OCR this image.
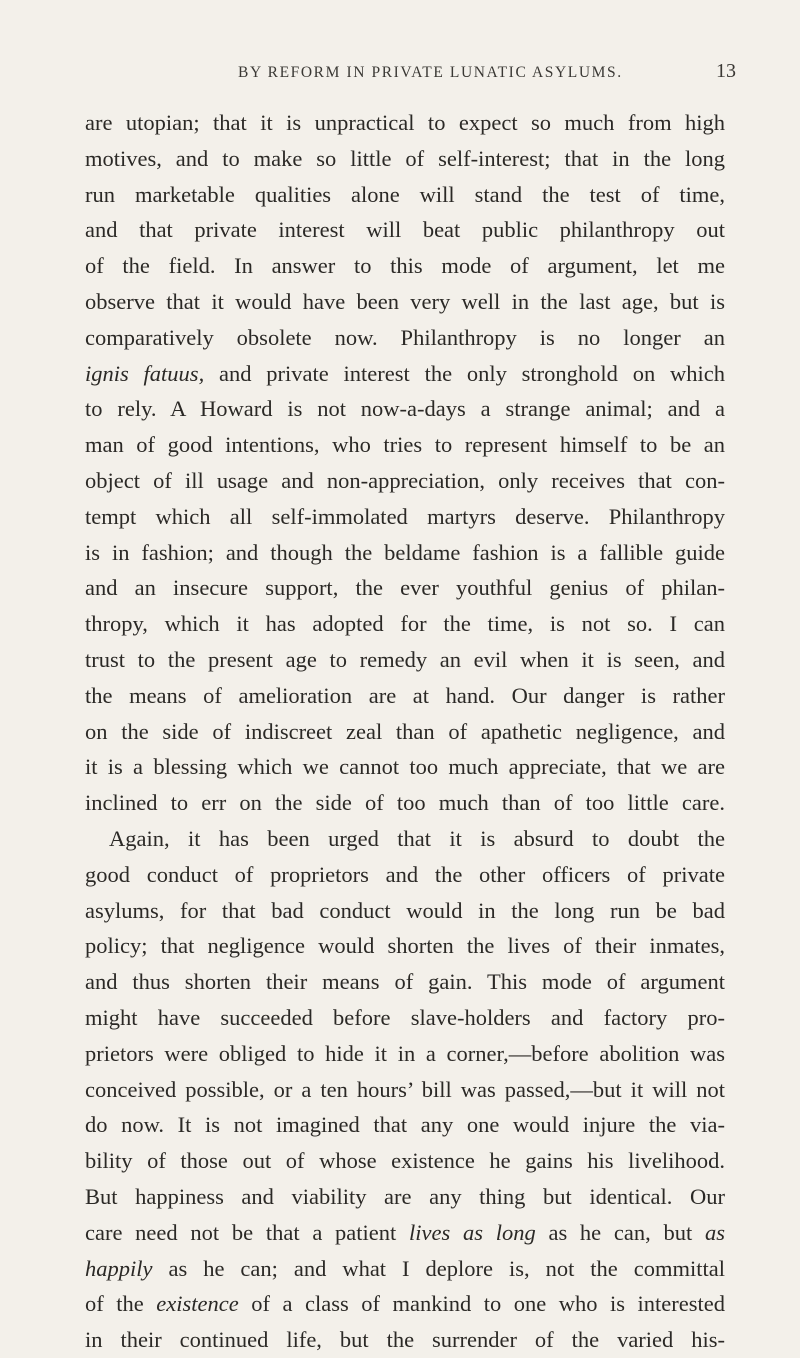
BY REFORM IN PRIVATE LUNATIC ASYLUMS.	13
are utopian; that it is unpractical to expect so much from high
motives, and to make so little of self-interest; that in the long
run marketable qualities alone will stand the test of time,
and that private interest will beat public philanthropy out
of the field. In answer to this mode of argument, let me
observe that it would have been very well in the last age, but is
comparatively obsolete now. Philanthropy is no longer an
ignis fatuus, and private interest the only stronghold on which
to rely. A Howard is not now-a-days a strange animal; and a
man of good intentions, who tries to represent himself to be an
object of ill usage and non-appreciation, only receives that con-
tempt which all self-immolated martyrs deserve. Philanthropy
is in fashion; and though the beldame fashion is a fallible guide
and an insecure support, the ever youthful genius of philan-
thropy, which it has adopted for the time, is not so. I can
trust to the present age to remedy an evil when it is seen, and
the means of amelioration are at hand. Our danger is rather
on the side of indiscreet zeal than of apathetic negligence, and
it is a blessing which we cannot too much appreciate, that we are
inclined to err on the side of too much than of too little care.
Again, it has been urged that it is absurd to doubt the
good conduct of proprietors and the other officers of private
asylums, for that bad conduct would in the long run be bad
policy; that negligence would shorten the lives of their inmates,
and thus shorten their means of gain. This mode of argument
might have succeeded before slave-holders and factory pro-
prietors were obliged to hide it in a corner,—before abolition was
conceived possible, or a ten hours’ bill was passed,—but it will not
do now. It is not imagined that any one would injure the via-
bility of those out of whose existence he gains his livelihood.
But happiness and viability are any thing but identical. Our
care need not be that a patient lives as long as he can, but as
happily as he can; and what I deplore is, not the committal
of the existence of a class of mankind to one who is interested
in their continued life, but the surrender of the varied his-
